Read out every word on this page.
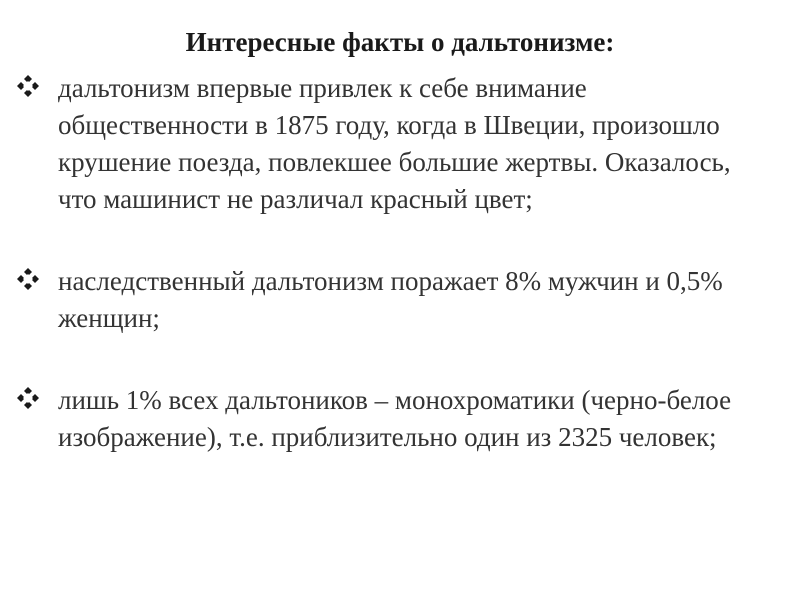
Интересные факты о дальтонизме:
дальтонизм впервые привлек к себе внимание общественности в 1875 году, когда в Швеции, произошло крушение поезда, повлекшее большие жертвы. Оказалось, что машинист не различал красный цвет;
наследственный дальтонизм поражает 8% мужчин и 0,5% женщин;
лишь 1% всех дальтоников – монохроматики (черно-белое изображение), т.е. приблизительно один из 2325 человек;
